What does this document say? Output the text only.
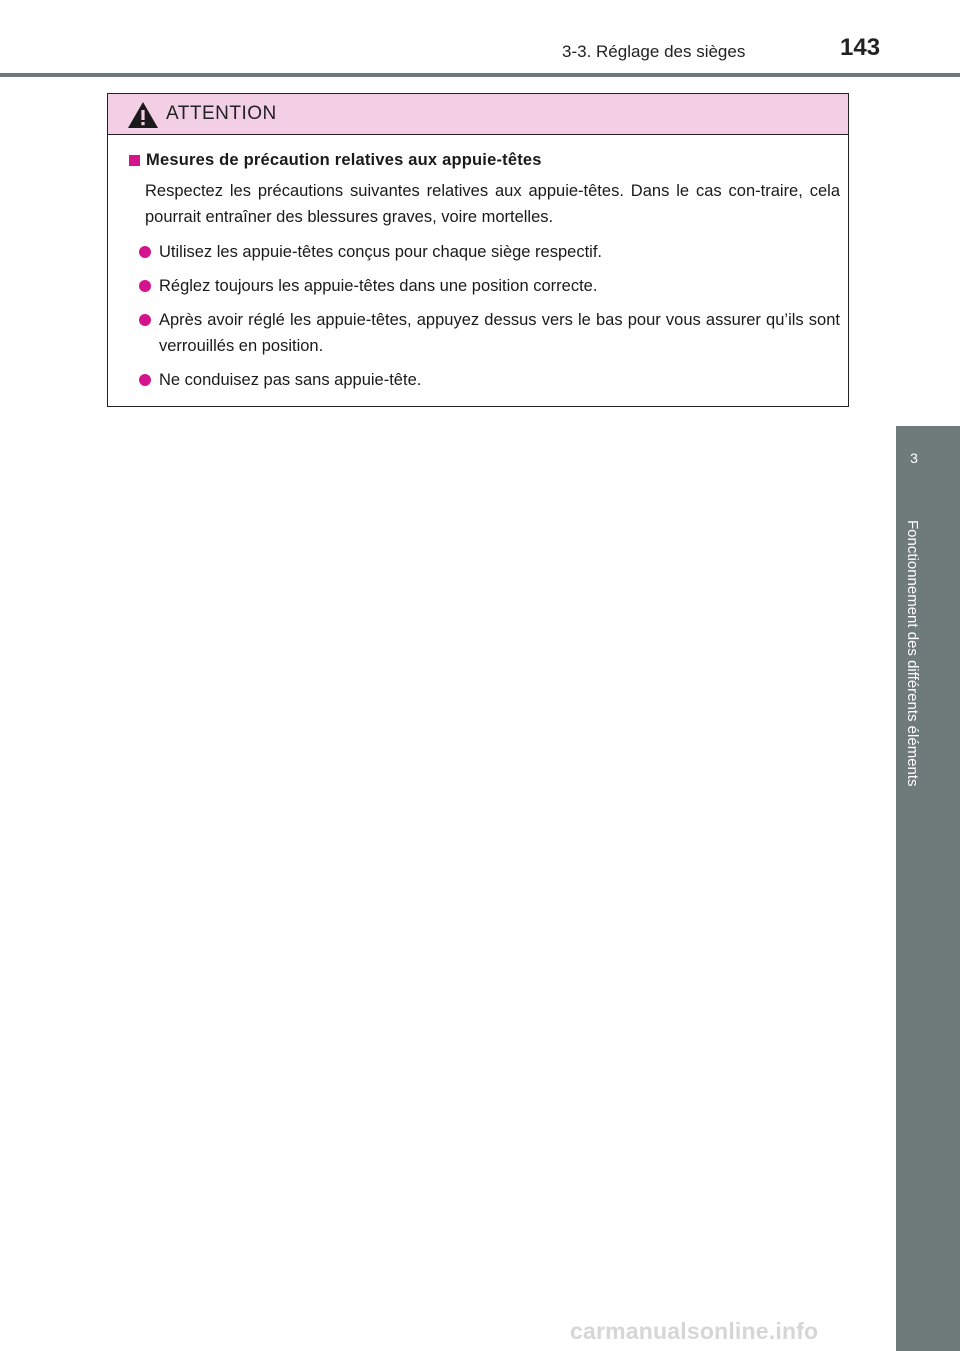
3-3. Réglage des sièges	143
3
Fonctionnement des différents éléments
ATTENTION
Mesures de précaution relatives aux appuie-têtes
Respectez les précautions suivantes relatives aux appuie-têtes. Dans le cas con-traire, cela pourrait entraîner des blessures graves, voire mortelles.
Utilisez les appuie-têtes conçus pour chaque siège respectif.
Réglez toujours les appuie-têtes dans une position correcte.
Après avoir réglé les appuie-têtes, appuyez dessus vers le bas pour vous assurer qu’ils sont verrouillés en position.
Ne conduisez pas sans appuie-tête.
carmanualsonline.info
